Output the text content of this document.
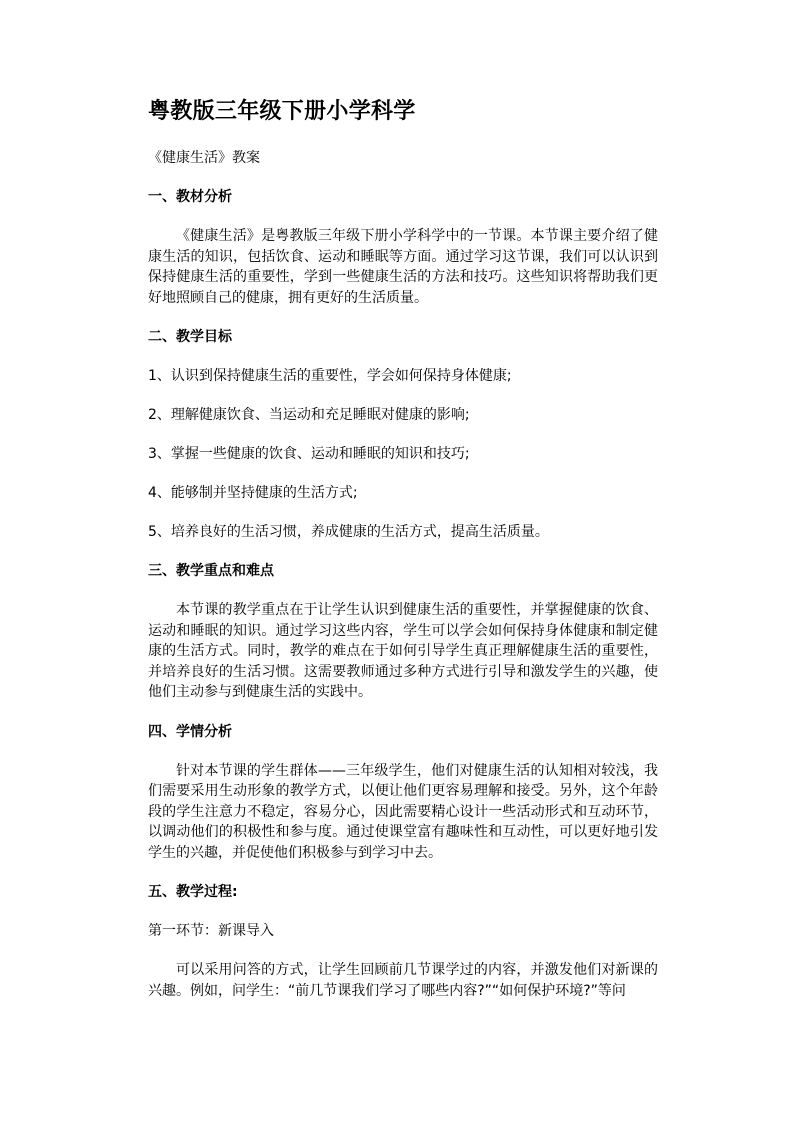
粤教版三年级下册小学科学

《健康生活》教案

一、教材分析

《健康生活》是粤教版三年级下册小学科学中的一节课。本节课主要介绍了健康生活的知识，包括饮食、运动和睡眠等方面。通过学习这节课，我们可以认识到保持健康生活的重要性，学到一些健康生活的方法和技巧。这些知识将帮助我们更好地照顾自己的健康，拥有更好的生活质量。

二、教学目标

1、认识到保持健康生活的重要性，学会如何保持身体健康;

2、理解健康饮食、当运动和充足睡眠对健康的影响;

3、掌握一些健康的饮食、运动和睡眠的知识和技巧;

4、能够制并坚持健康的生活方式;

5、培养良好的生活习惯，养成健康的生活方式，提高生活质量。

三、教学重点和难点

本节课的教学重点在于让学生认识到健康生活的重要性，并掌握健康的饮食、运动和睡眠的知识。通过学习这些内容，学生可以学会如何保持身体健康和制定健康的生活方式。同时，教学的难点在于如何引导学生真正理解健康生活的重要性，并培养良好的生活习惯。这需要教师通过多种方式进行引导和激发学生的兴趣，使他们主动参与到健康生活的实践中。

四、学情分析

针对本节课的学生群体——三年级学生，他们对健康生活的认知相对较浅，我们需要采用生动形象的教学方式，以便让他们更容易理解和接受。另外，这个年龄段的学生注意力不稳定，容易分心，因此需要精心设计一些活动形式和互动环节，以调动他们的积极性和参与度。通过使课堂富有趣味性和互动性，可以更好地引发学生的兴趣，并促使他们积极参与到学习中去。

五、教学过程:

第一环节：新课导入

可以采用问答的方式，让学生回顾前几节课学过的内容，并激发他们对新课的兴趣。例如，问学生：“前几节课我们学习了哪些内容?”“如何保护环境?”等问
